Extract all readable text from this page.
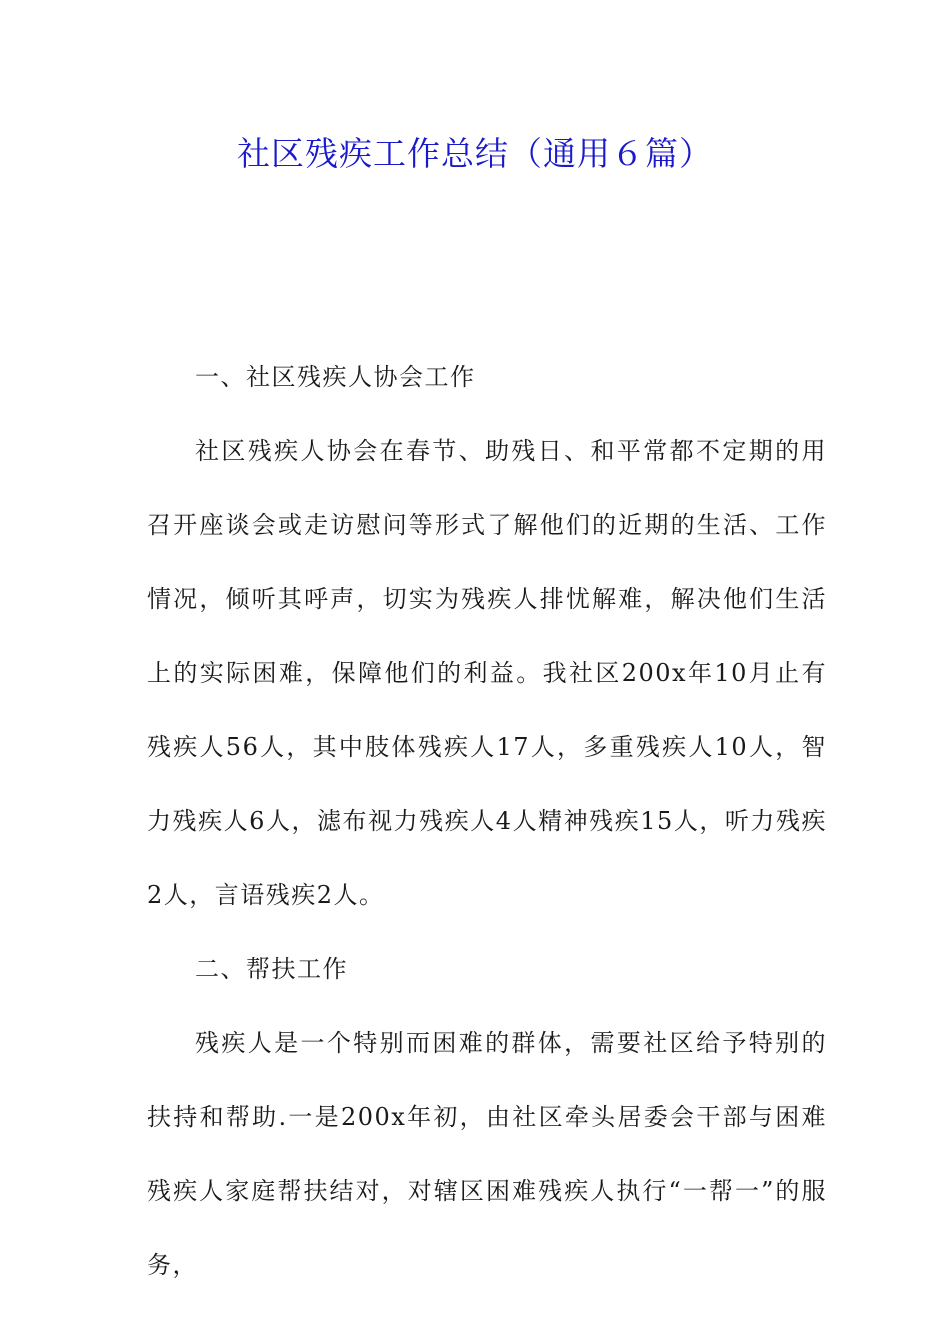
社区残疾工作总结（通用６篇）

一、社区残疾人协会工作

社区残疾人协会在春节、助残日、和平常都不定期的用召开座谈会或走访慰问等形式了解他们的近期的生活、工作情况，倾听其呼声，切实为残疾人排忧解难，解决他们生活上的实际困难，保障他们的利益。我社区200x年10月止有残疾人56人，其中肢体残疾人17人，多重残疾人10人，智力残疾人6人，滤布视力残疾人4人精神残疾15人，听力残疾2人，言语残疾2人。

二、帮扶工作

残疾人是一个特别而困难的群体，需要社区给予特别的扶持和帮助.一是200x年初，由社区牵头居委会干部与困难残疾人家庭帮扶结对，对辖区困难残疾人执行“一帮一”的服务，
